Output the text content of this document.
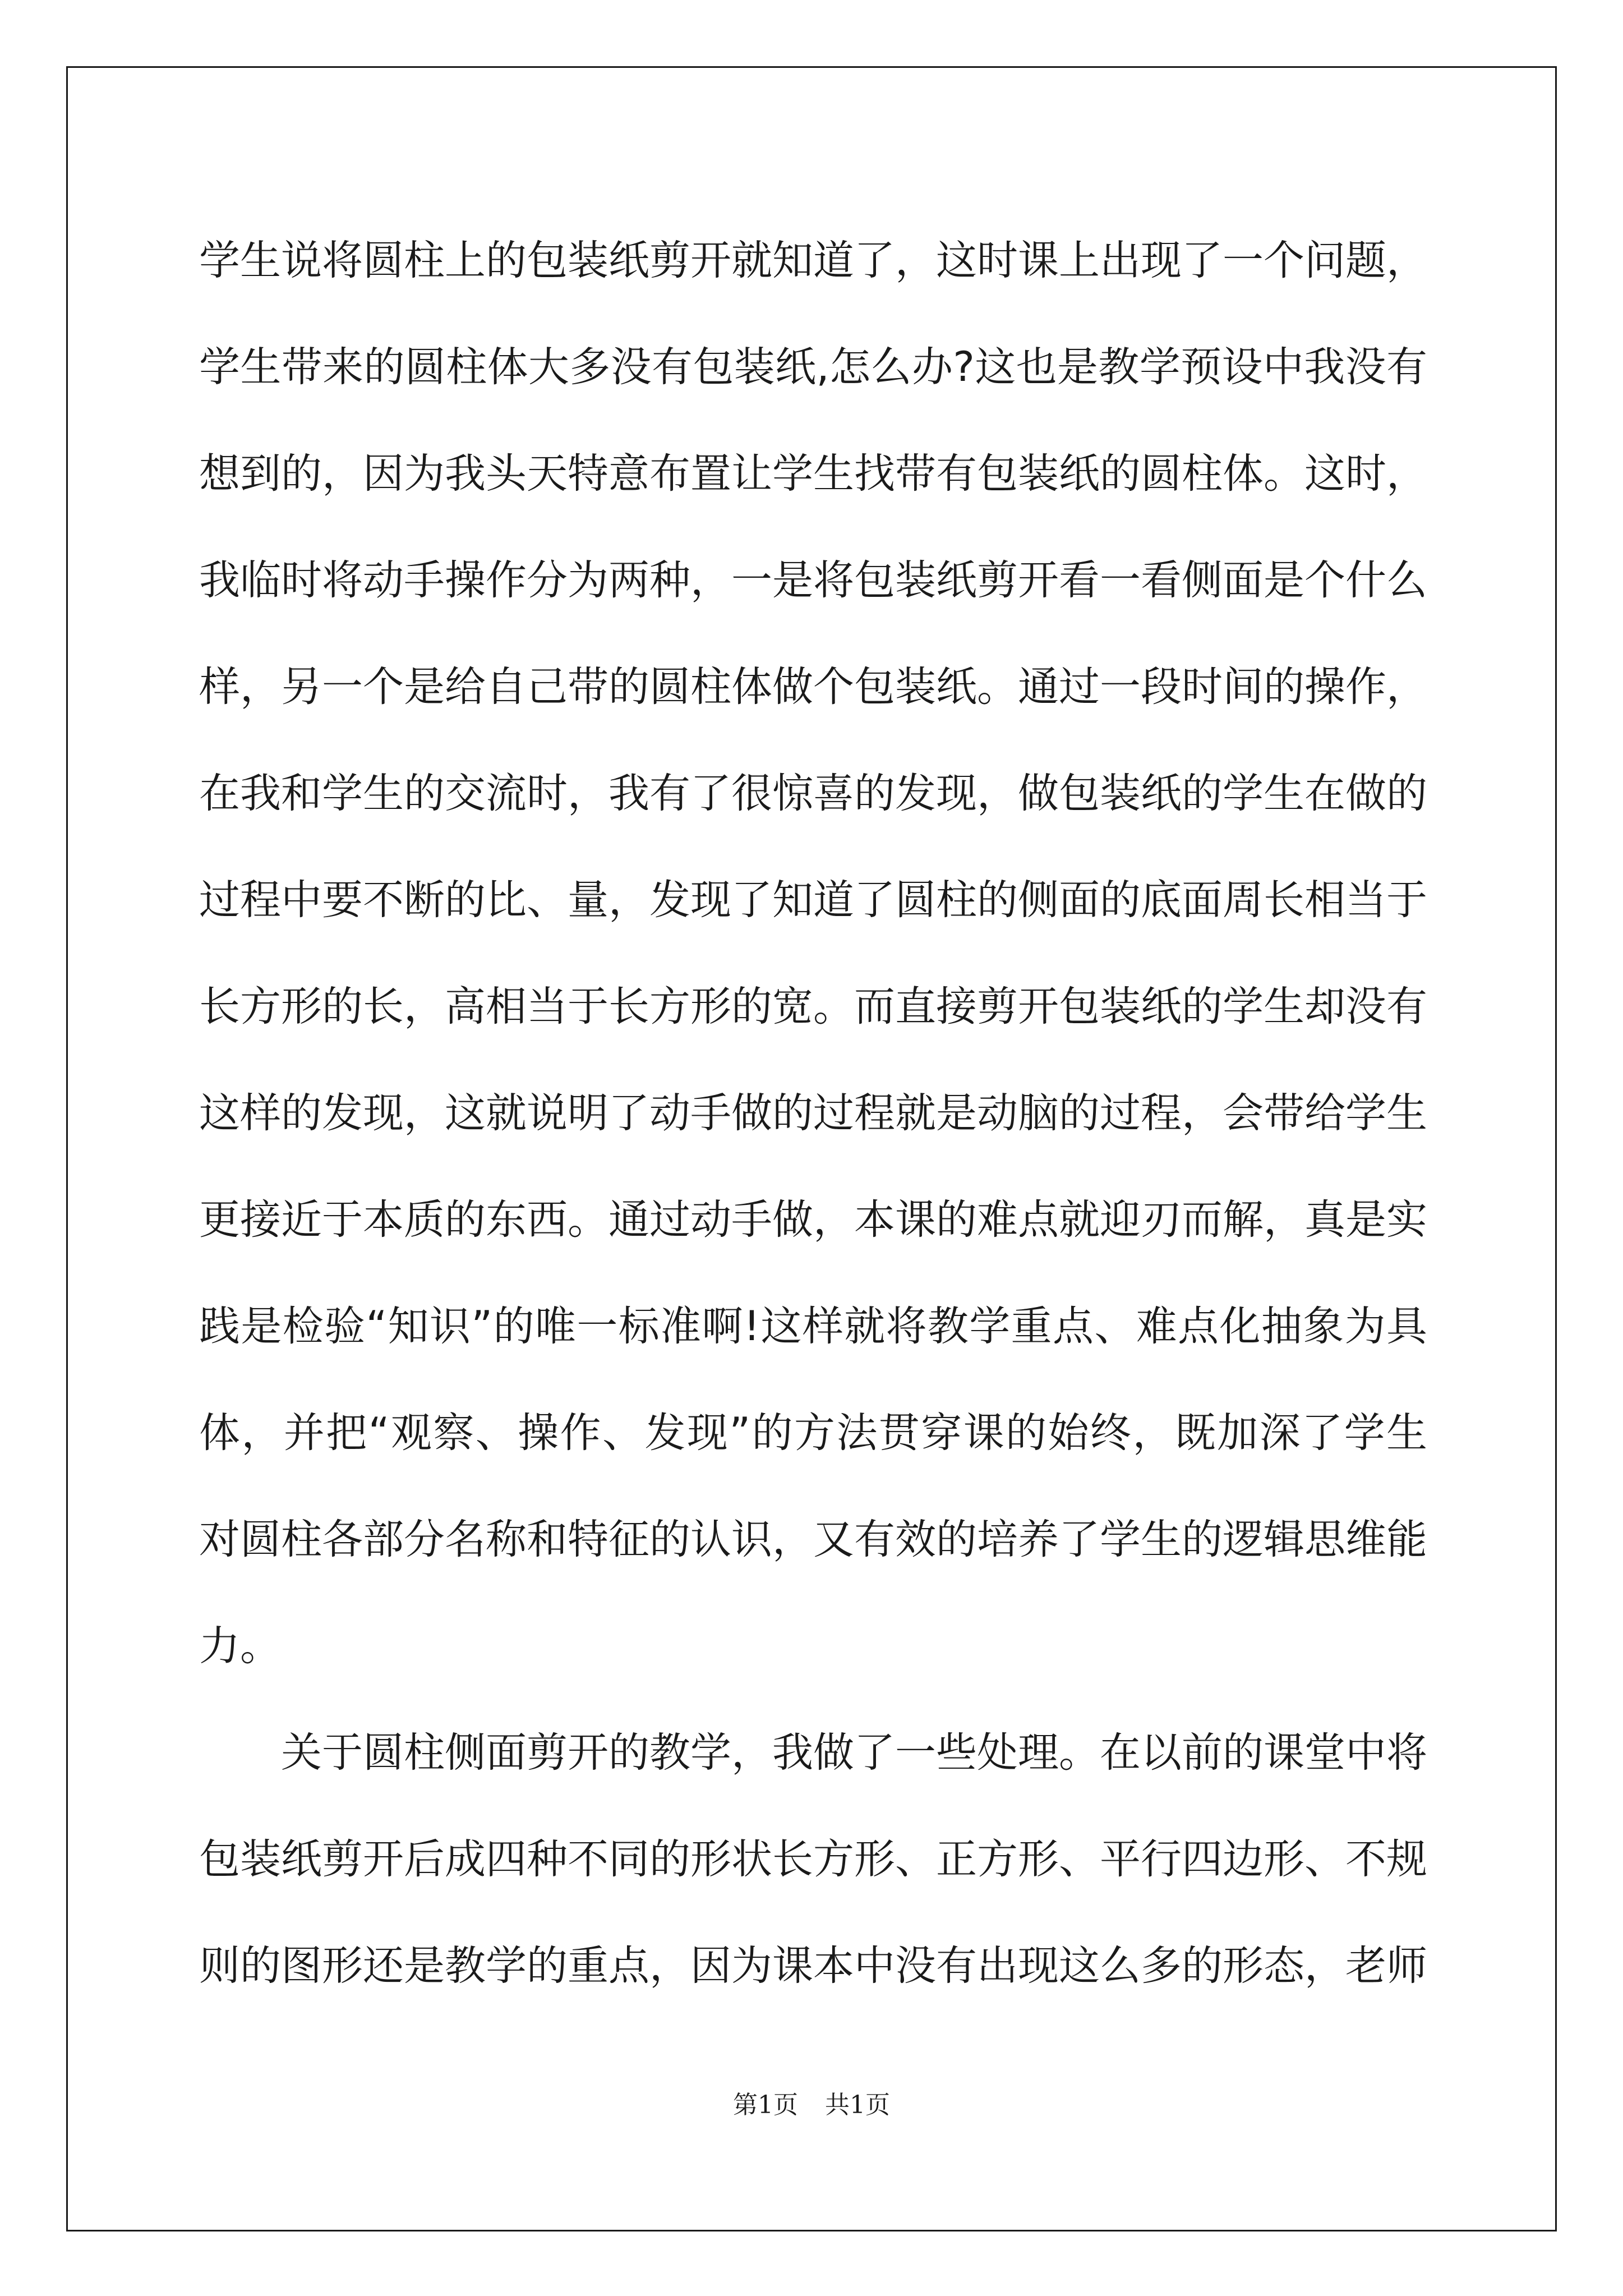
学生说将圆柱上的包装纸剪开就知道了，这时课上出现了一个问题，学生带来的圆柱体大多没有包装纸,怎么办?这也是教学预设中我没有想到的，因为我头天特意布置让学生找带有包装纸的圆柱体。这时，我临时将动手操作分为两种，一是将包装纸剪开看一看侧面是个什么样，另一个是给自己带的圆柱体做个包装纸。通过一段时间的操作，在我和学生的交流时，我有了很惊喜的发现，做包装纸的学生在做的过程中要不断的比、量，发现了知道了圆柱的侧面的底面周长相当于长方形的长，高相当于长方形的宽。而直接剪开包装纸的学生却没有这样的发现，这就说明了动手做的过程就是动脑的过程，会带给学生更接近于本质的东西。通过动手做，本课的难点就迎刃而解，真是实践是检验“知识”的唯一标准啊!这样就将教学重点、难点化抽象为具体，并把“观察、操作、发现”的方法贯穿课的始终，既加深了学生对圆柱各部分名称和特征的认识，又有效的培养了学生的逻辑思维能力。

关于圆柱侧面剪开的教学，我做了一些处理。在以前的课堂中将包装纸剪开后成四种不同的形状长方形、正方形、平行四边形、不规则的图形还是教学的重点，因为课本中没有出现这么多的形态，老师

第1页 共1页
